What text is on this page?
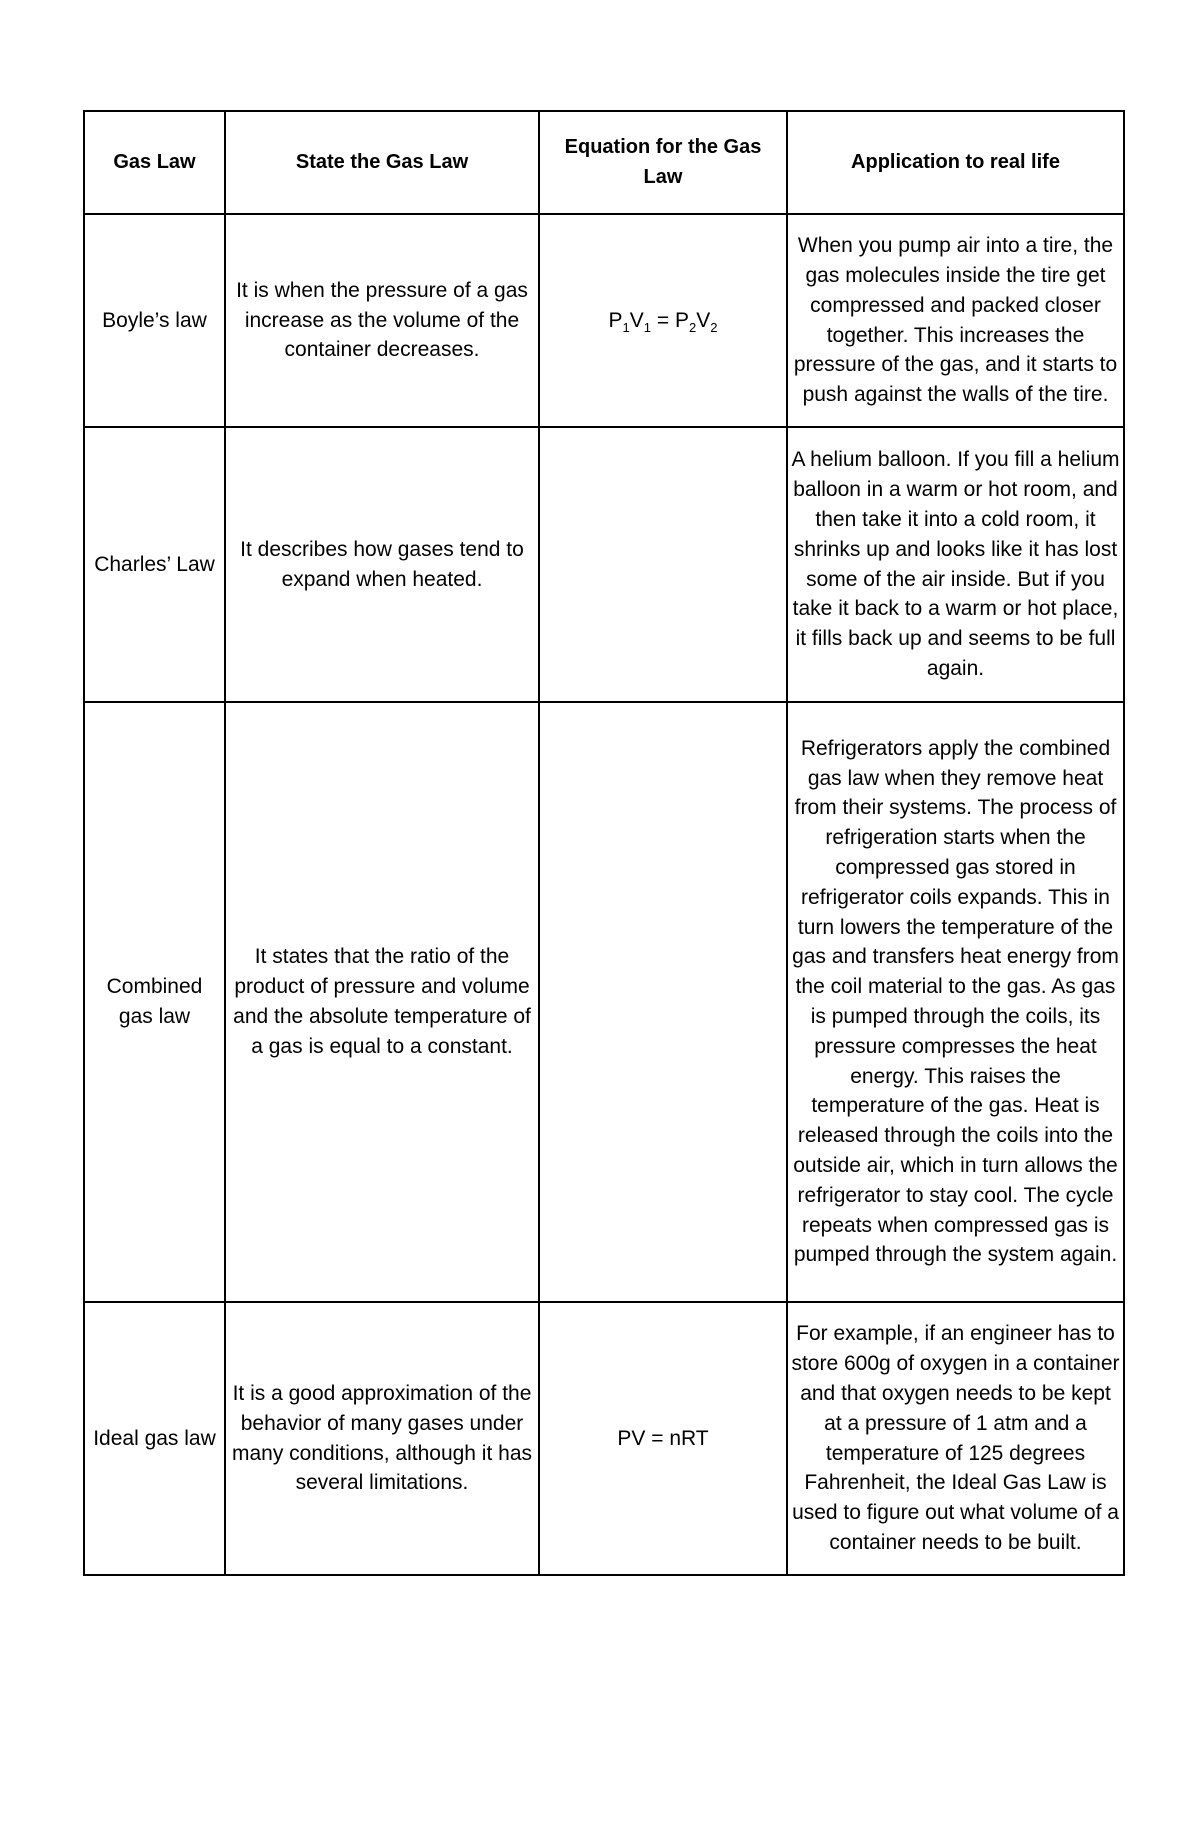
Gas Law	State the Gas Law	Equation for the Gas Law	Application to real life
Boyle’s law	It is when the pressure of a gas increase as the volume of the container decreases.	$P_1V_1 = P_2V_2$	When you pump air into a tire, the gas molecules inside the tire get compressed and packed closer together. This increases the pressure of the gas, and it starts to push against the walls of the tire.
Charles’ Law	It describes how gases tend to expand when heated.		A helium balloon. If you fill a helium balloon in a warm or hot room, and then take it into a cold room, it shrinks up and looks like it has lost some of the air inside. But if you take it back to a warm or hot place, it fills back up and seems to be full again.
Combined gas law	It states that the ratio of the product of pressure and volume and the absolute temperature of a gas is equal to a constant.		Refrigerators apply the combined gas law when they remove heat from their systems. The process of refrigeration starts when the compressed gas stored in refrigerator coils expands. This in turn lowers the temperature of the gas and transfers heat energy from the coil material to the gas. As gas is pumped through the coils, its pressure compresses the heat energy. This raises the temperature of the gas. Heat is released through the coils into the outside air, which in turn allows the refrigerator to stay cool. The cycle repeats when compressed gas is pumped through the system again.
Ideal gas law	It is a good approximation of the behavior of many gases under many conditions, although it has several limitations.	PV = nRT	For example, if an engineer has to store 600g of oxygen in a container and that oxygen needs to be kept at a pressure of 1 atm and a temperature of 125 degrees Fahrenheit, the Ideal Gas Law is used to figure out what volume of a container needs to be built.
